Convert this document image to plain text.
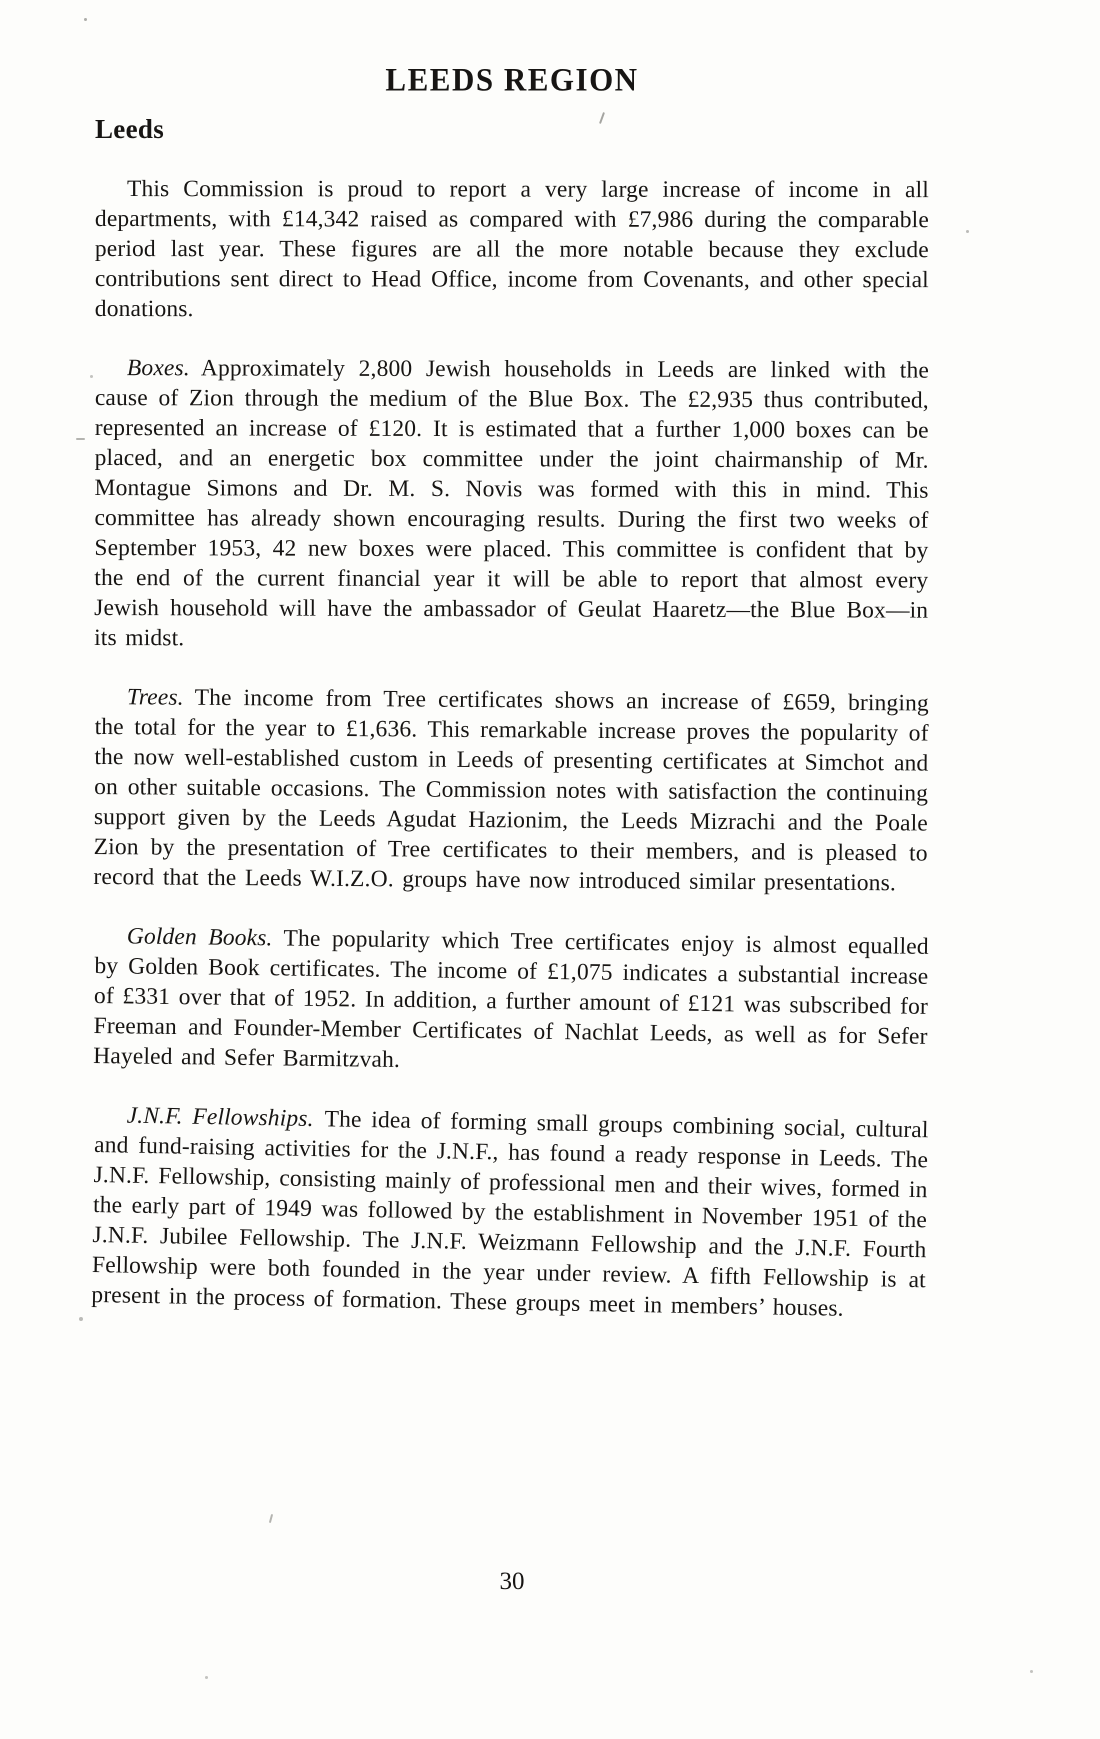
LEEDS REGION
Leeds

This Commission is proud to report a very large increase of income in all departments, with £14,342 raised as compared with £7,986 during the comparable period last year. These figures are all the more notable because they exclude contributions sent direct to Head Office, income from Covenants, and other special donations.

Boxes. Approximately 2,800 Jewish households in Leeds are linked with the cause of Zion through the medium of the Blue Box. The £2,935 thus contributed, represented an increase of £120. It is estimated that a further 1,000 boxes can be placed, and an energetic box committee under the joint chairmanship of Mr. Montague Simons and Dr. M. S. Novis was formed with this in mind. This committee has already shown encouraging results. During the first two weeks of September 1953, 42 new boxes were placed. This committee is confident that by the end of the current financial year it will be able to report that almost every Jewish household will have the ambassador of Geulat Haaretz—the Blue Box—in its midst.

Trees. The income from Tree certificates shows an increase of £659, bringing the total for the year to £1,636. This remarkable increase proves the popularity of the now well-established custom in Leeds of presenting certificates at Simchot and on other suitable occasions. The Commission notes with satisfaction the continuing support given by the Leeds Agudat Hazionim, the Leeds Mizrachi and the Poale Zion by the presentation of Tree certificates to their members, and is pleased to record that the Leeds W.I.Z.O. groups have now introduced similar presentations.

Golden Books. The popularity which Tree certificates enjoy is almost equalled by Golden Book certificates. The income of £1,075 indicates a substantial increase of £331 over that of 1952. In addition, a further amount of £121 was subscribed for Freeman and Founder-Member Certificates of Nachlat Leeds, as well as for Sefer Hayeled and Sefer Barmitzvah.

J.N.F. Fellowships. The idea of forming small groups combining social, cultural and fund-raising activities for the J.N.F., has found a ready response in Leeds. The J.N.F. Fellowship, consisting mainly of professional men and their wives, formed in the early part of 1949 was followed by the establishment in November 1951 of the J.N.F. Jubilee Fellowship. The J.N.F. Weizmann Fellowship and the J.N.F. Fourth Fellowship were both founded in the year under review. A fifth Fellowship is at present in the process of formation. These groups meet in members’ houses.

30
